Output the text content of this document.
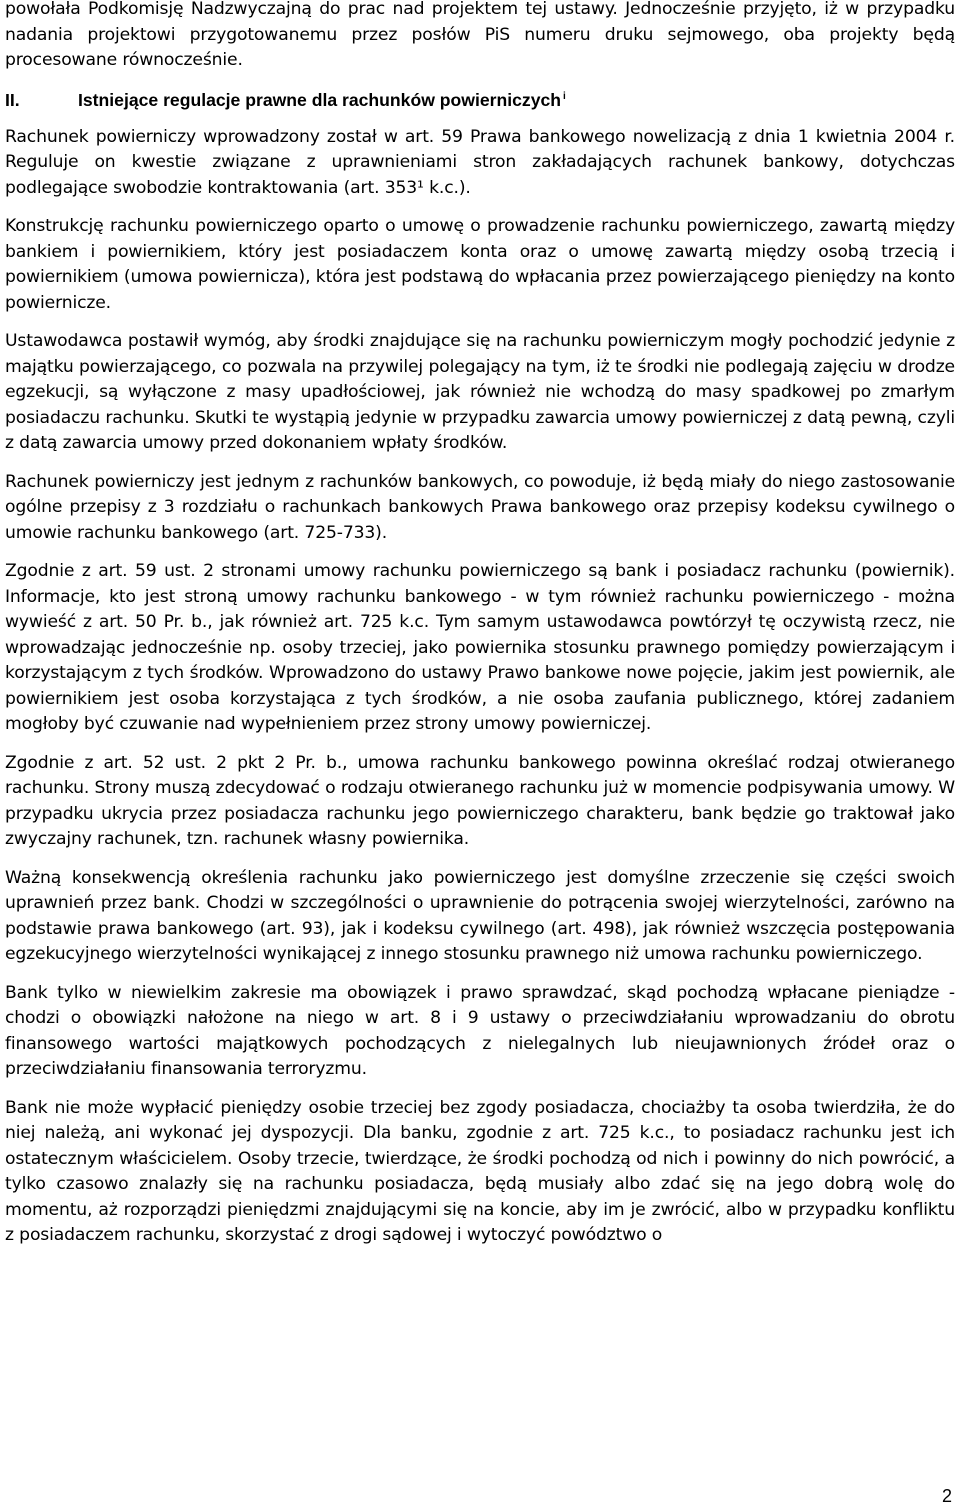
powołała Podkomisję Nadzwyczajną do prac nad projektem tej ustawy. Jednocześnie przyjęto, iż w przypadku nadania projektowi przygotowanemu przez posłów PiS numeru druku sejmowego, oba projekty będą procesowane równocześnie.

II.	Istniejące regulacje prawne dla rachunków powierniczych $^i$

Rachunek powierniczy wprowadzony został w art. 59 Prawa bankowego nowelizacją z dnia 1 kwietnia 2004 r. Reguluje on kwestie związane z uprawnieniami stron zakładających rachunek bankowy, dotychczas podlegające swobodzie kontraktowania (art. 353¹ k.c.).

Konstrukcję rachunku powierniczego oparto o umowę o prowadzenie rachunku powierniczego, zawartą między bankiem i powiernikiem, który jest posiadaczem konta oraz o umowę zawartą między osobą trzecią i powiernikiem (umowa powiernicza), która jest podstawą do wpłacania przez powierzającego pieniędzy na konto powiernicze.

Ustawodawca postawił wymóg, aby środki znajdujące się na rachunku powierniczym mogły pochodzić jedynie z majątku powierzającego, co pozwala na przywilej polegający na tym, iż te środki nie podlegają zajęciu w drodze egzekucji, są wyłączone z masy upadłościowej, jak również nie wchodzą do masy spadkowej po zmarłym posiadaczu rachunku. Skutki te wystąpią jedynie w przypadku zawarcia umowy powierniczej z datą pewną, czyli z datą zawarcia umowy przed dokonaniem wpłaty środków.

Rachunek powierniczy jest jednym z rachunków bankowych, co powoduje, iż będą miały do niego zastosowanie ogólne przepisy z 3 rozdziału o rachunkach bankowych Prawa bankowego oraz przepisy kodeksu cywilnego o umowie rachunku bankowego (art. 725-733).

Zgodnie z art. 59 ust. 2 stronami umowy rachunku powierniczego są bank i posiadacz rachunku (powiernik). Informacje, kto jest stroną umowy rachunku bankowego - w tym również rachunku powierniczego - można wywieść z art. 50 Pr. b., jak również art. 725 k.c. Tym samym ustawodawca powtórzył tę oczywistą rzecz, nie wprowadzając jednocześnie np. osoby trzeciej, jako powiernika stosunku prawnego pomiędzy powierzającym i korzystającym z tych środków. Wprowadzono do ustawy Prawo bankowe nowe pojęcie, jakim jest powiernik, ale powiernikiem jest osoba korzystająca z tych środków, a nie osoba zaufania publicznego, której zadaniem mogłoby być czuwanie nad wypełnieniem przez strony umowy powierniczej.

Zgodnie z art. 52 ust. 2 pkt 2 Pr. b., umowa rachunku bankowego powinna określać rodzaj otwieranego rachunku. Strony muszą zdecydować o rodzaju otwieranego rachunku już w momencie podpisywania umowy. W przypadku ukrycia przez posiadacza rachunku jego powierniczego charakteru, bank będzie go traktował jako zwyczajny rachunek, tzn. rachunek własny powiernika.

Ważną konsekwencją określenia rachunku jako powierniczego jest domyślne zrzeczenie się części swoich uprawnień przez bank. Chodzi w szczególności o uprawnienie do potrącenia swojej wierzytelności, zarówno na podstawie prawa bankowego (art. 93), jak i kodeksu cywilnego (art. 498), jak również wszczęcia postępowania egzekucyjnego wierzytelności wynikającej z innego stosunku prawnego niż umowa rachunku powierniczego.

Bank tylko w niewielkim zakresie ma obowiązek i prawo sprawdzać, skąd pochodzą wpłacane pieniądze - chodzi o obowiązki nałożone na niego w art. 8 i 9 ustawy o przeciwdziałaniu wprowadzaniu do obrotu finansowego wartości majątkowych pochodzących z nielegalnych lub nieujawnionych źródeł oraz o przeciwdziałaniu finansowania terroryzmu.

Bank nie może wypłacić pieniędzy osobie trzeciej bez zgody posiadacza, chociażby ta osoba twierdziła, że do niej należą, ani wykonać jej dyspozycji. Dla banku, zgodnie z art. 725 k.c., to posiadacz rachunku jest ich ostatecznym właścicielem. Osoby trzecie, twierdzące, że środki pochodzą od nich i powinny do nich powrócić, a tylko czasowo znalazły się na rachunku posiadacza, będą musiały albo zdać się na jego dobrą wolę do momentu, aż rozporządzi pieniędzmi znajdującymi się na koncie, aby im je zwrócić, albo w przypadku konfliktu z posiadaczem rachunku, skorzystać z drogi sądowej i wytoczyć powództwo o

2
